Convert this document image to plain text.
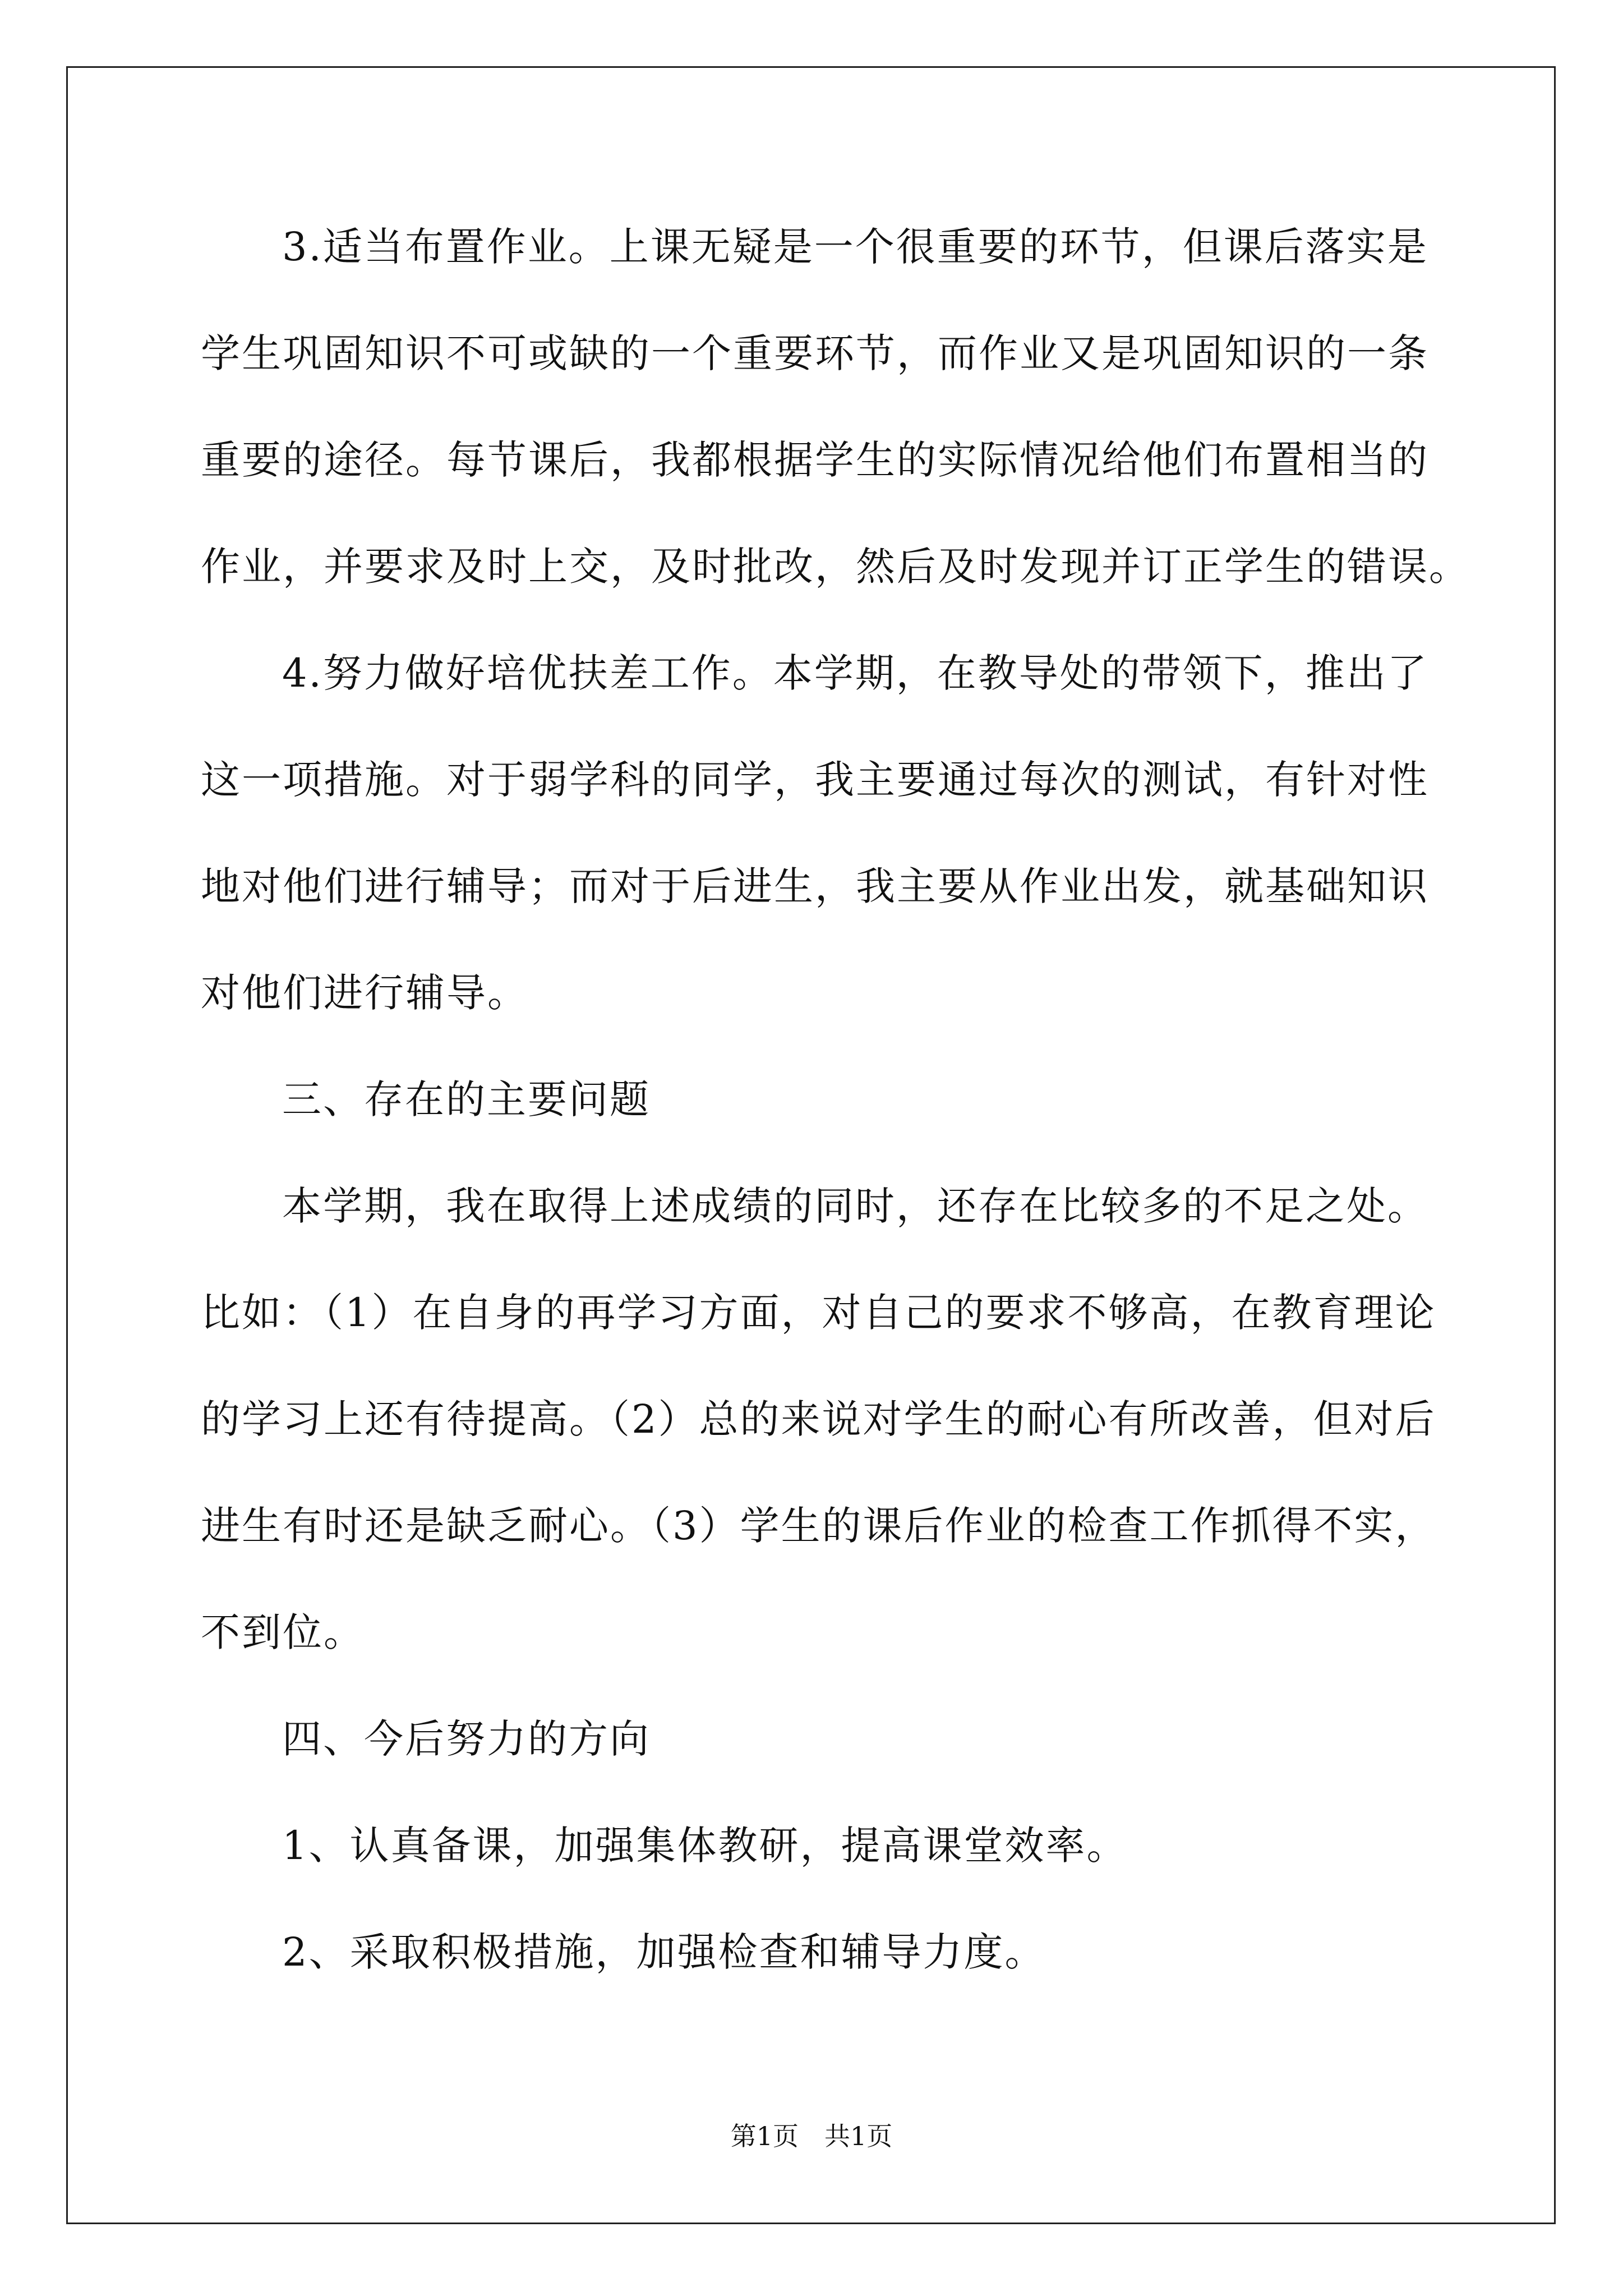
3.适当布置作业。上课无疑是一个很重要的环节，但课后落实是
学生巩固知识不可或缺的一个重要环节，而作业又是巩固知识的一条
重要的途径。每节课后，我都根据学生的实际情况给他们布置相当的
作业，并要求及时上交，及时批改，然后及时发现并订正学生的错误。
4.努力做好培优扶差工作。本学期，在教导处的带领下，推出了
这一项措施。对于弱学科的同学，我主要通过每次的测试，有针对性
地对他们进行辅导；而对于后进生，我主要从作业出发，就基础知识
对他们进行辅导。
三、存在的主要问题
本学期，我在取得上述成绩的同时，还存在比较多的不足之处。
比如：（1）在自身的再学习方面，对自己的要求不够高，在教育理论
的学习上还有待提高。（2）总的来说对学生的耐心有所改善，但对后
进生有时还是缺乏耐心。（3）学生的课后作业的检查工作抓得不实，
不到位。
四、今后努力的方向
1、认真备课，加强集体教研，提高课堂效率。
2、采取积极措施，加强检查和辅导力度。
第1页　共1页
